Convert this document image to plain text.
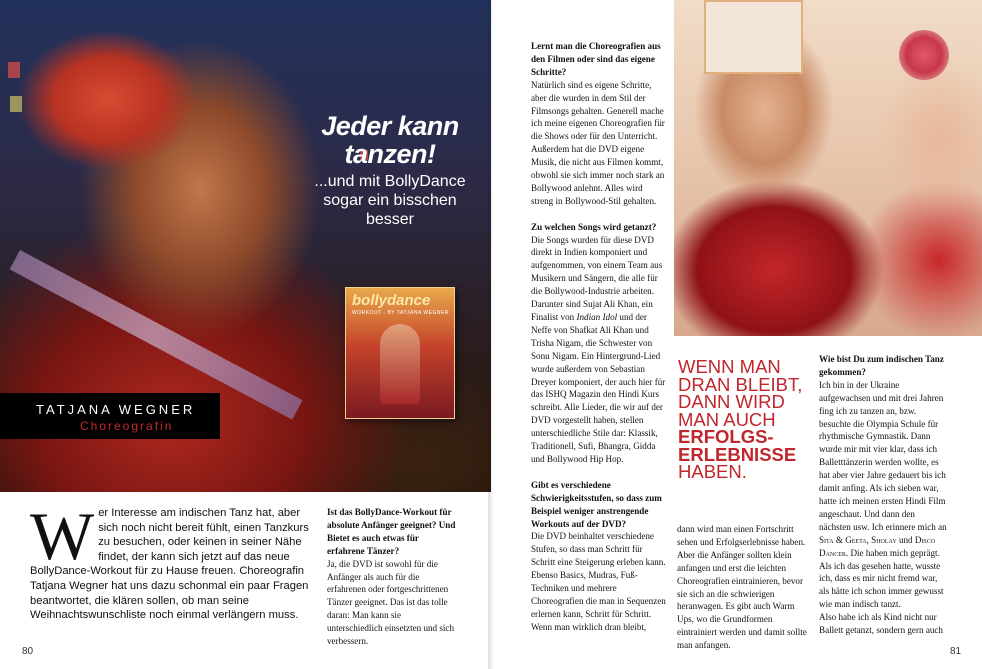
Jeder kann tanzen!
...und mit BollyDance sogar ein bisschen besser
bollydance
WORKOUT · BY TATJANA WEGNER
TATJANA WEGNER
Choreografin
Wer Interesse am indischen Tanz hat, aber sich noch nicht bereit fühlt, einen Tanzkurs zu besuchen, oder keinen in seiner Nähe findet, der kann sich jetzt auf das neue BollyDance-Workout für zu Hause freuen. Choreografin Tatjana Wegner hat uns dazu schonmal ein paar Fragen beantwortet, die klären sollen, ob man seine Weihnachtswunschliste noch einmal verlängern muss.

Ist das BollyDance-Workout für absolute Anfänger geeignet? Und Bietet es auch etwas für erfahrene Tänzer?

Ja, die DVD ist sowohl für die Anfänger als auch für die erfahrenen oder fortgeschrittenen Tänzer geeignet. Das ist das tolle daran: Man kann sie unterschiedlich einsetzten und sich verbessern.

80

Lernt man die Choreografien aus den Filmen oder sind das eigene Schritte?

Natürlich sind es eigene Schritte, aber die wurden in dem Stil der Filmsongs gehalten. Generell mache ich meine eigenen Choreografien für die Shows oder für den Unterricht. Außerdem hat die DVD eigene Musik, die nicht aus Filmen kommt, obwohl sie sich immer noch stark an Bollywood anlehnt. Alles wird streng in Bollywood-Stil gehalten.

Zu welchen Songs wird getanzt?

Die Songs wurden für diese DVD direkt in Indien komponiert und aufgenommen, von einem Team aus Musikern und Sängern, die alle für die Bollywood-Industrie arbeiten. Darunter sind Sujat Ali Khan, ein Finalist von Indian Idol und der Neffe von Shafkat Ali Khan und Trisha Nigam, die Schwester von Sonu Nigam. Ein Hintergrund-Lied wurde außerdem von Sebastian Dreyer komponiert, der auch hier für das ISHQ Magazin den Hindi Kurs schreibt. Alle Lieder, die wir auf der DVD vorgestellt haben, stellen unterschiedliche Stile dar: Klassik, Traditionell, Sufi, Bhangra, Gidda und Bollywood Hip Hop.

Gibt es verschiedene Schwierigkeitsstufen, so dass zum Beispiel weniger anstrengende Workouts auf der DVD?

Die DVD beinhaltet verschiedene Stufen, so dass man Schritt für Schritt eine Steigerung erleben kann. Ebenso Basics, Mudras, Fuß-Techniken und mehrere Choreografien die man in Sequenzen erlernen kann, Schritt für Schritt. Wenn man wirklich dran bleibt,

WENN MAN DRAN BLEIBT, DANN WIRD MAN AUCH ERFOLGS-ERLEBNISSE HABEN.

dann wird man einen Fortschritt sehen und Erfolgserlebnisse haben. Aber die Anfänger sollten klein anfangen und erst die leichten Choreografien eintrainieren, bevor sie sich an die schwierigen heranwagen. Es gibt auch Warm Ups, wo die Grundformen eintrainiert werden und damit sollte man anfangen.

Wie bist Du zum indischen Tanz gekommen?

Ich bin in der Ukraine aufgewachsen und mit drei Jahren fing ich zu tanzen an, bzw. besuchte die Olympia Schule für rhythmische Gymnastik. Dann wurde mir mit vier klar, dass ich Balletttänzerin werden wollte, es hat aber vier Jahre gedauert bis ich damit anfing. Als ich sieben war, hatte ich meinen ersten Hindi Film angeschaut. Und dann den nächsten usw. Ich erinnere mich an Sita & Geeta, Sholay und Disco Dancer. Die haben mich geprägt.

Als ich das gesehen hatte, wusste ich, dass es mir nicht fremd war, als hätte ich schon immer gewusst wie man indisch tanzt.

Also habe ich als Kind nicht nur Ballett getanzt, sondern gern auch

81
